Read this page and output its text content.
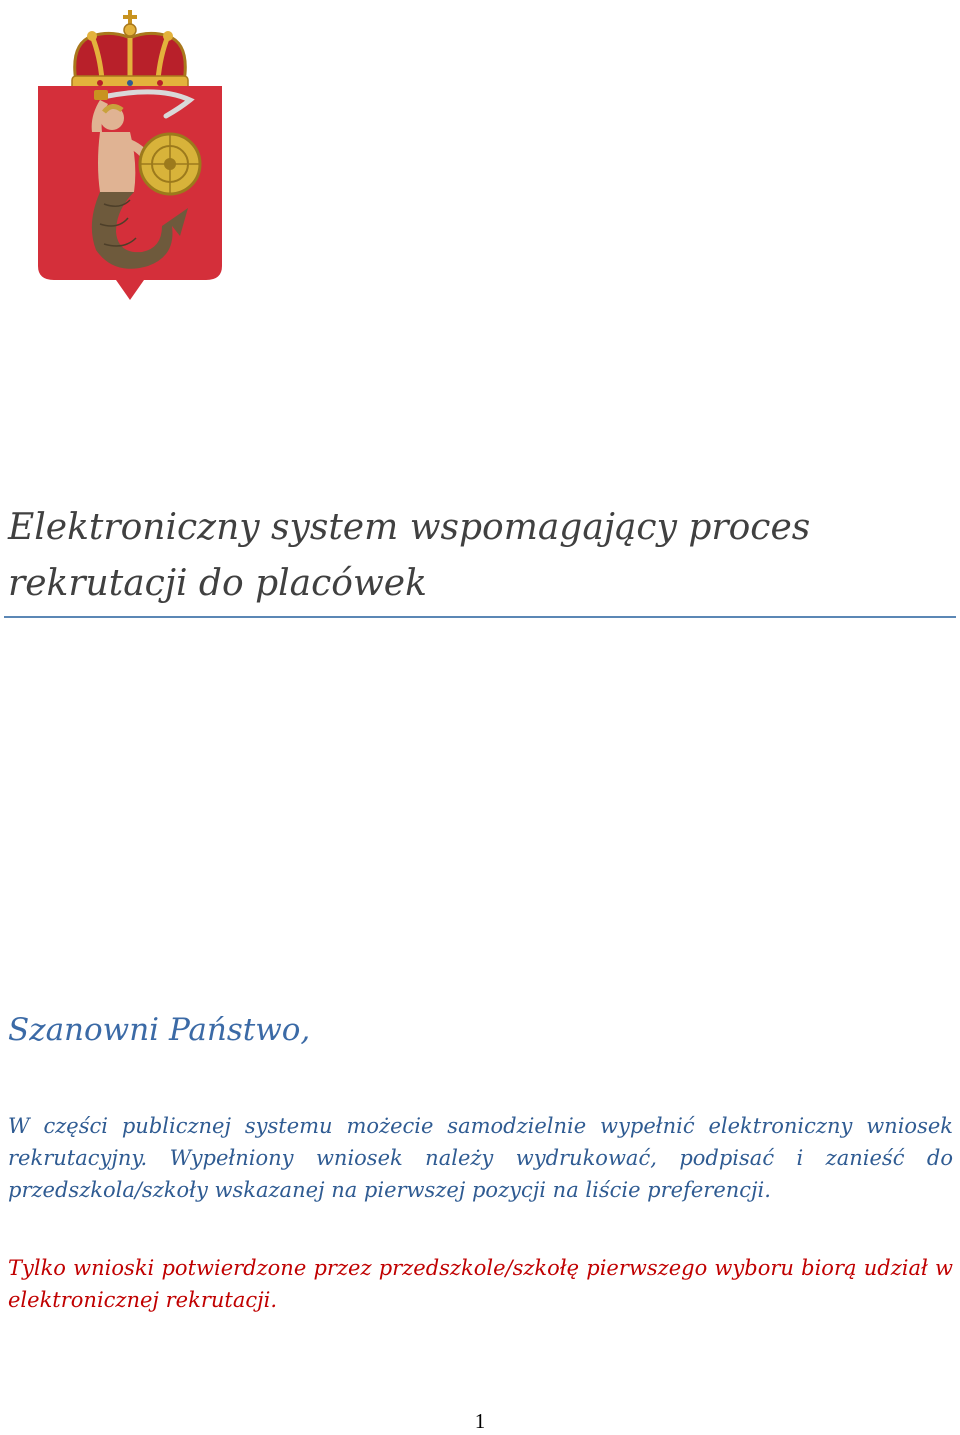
Elektroniczny system wspomagający proces rekrutacji do placówek

Szanowni Państwo,

W części publicznej systemu możecie samodzielnie wypełnić elektroniczny wniosek rekrutacyjny. Wypełniony wniosek należy wydrukować, podpisać i zanieść do przedszkola/szkoły wskazanej na pierwszej pozycji na liście preferencji.

Tylko wnioski potwierdzone przez przedszkole/szkołę pierwszego wyboru biorą udział w elektronicznej rekrutacji.

1
